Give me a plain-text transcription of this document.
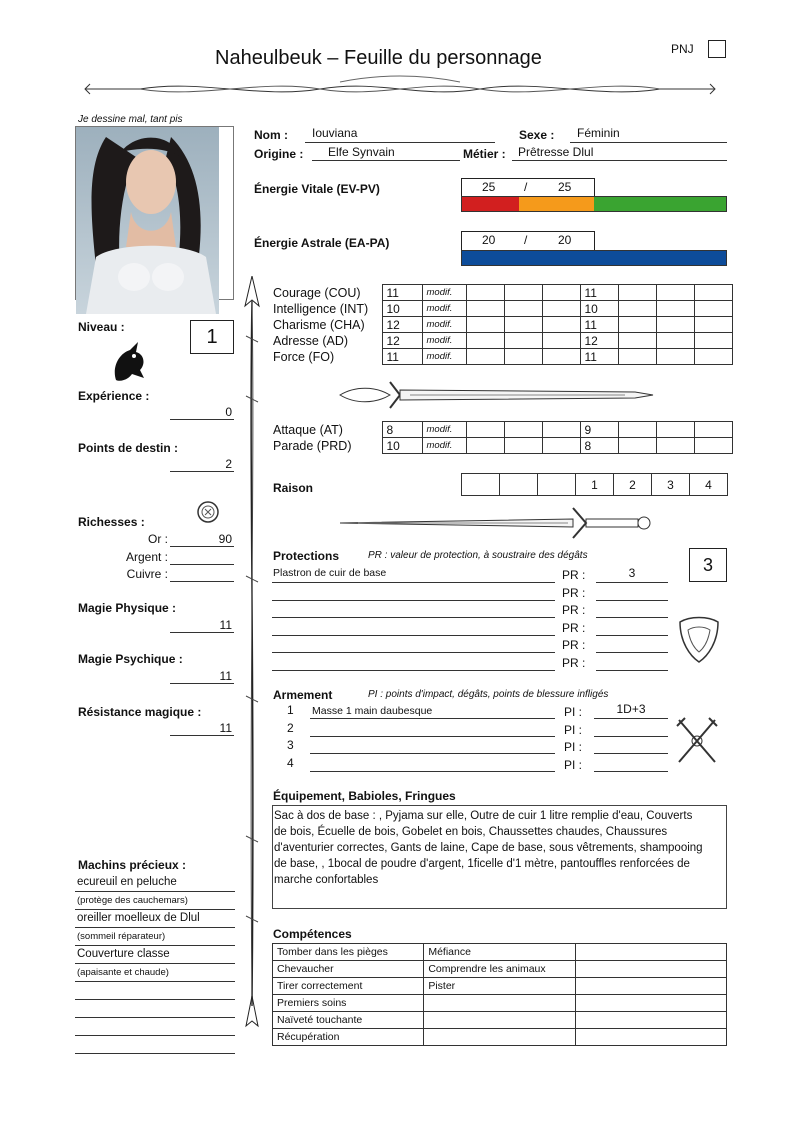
Naheulbeuk – Feuille du personnage	PNJ
Je dessine mal, tant pis
Niveau :	1
Expérience :
0
Points de destin :
2
Richesses :
Or :	90
Argent :
Cuivre :
Magie Physique :
11
Magie Psychique :
11
Résistance magique :
11
Machins précieux :
ecureuil en peluche
(protège des cauchemars)
oreiller moelleux de Dlul
(sommeil réparateur)
Couverture classe
(apaisante et chaude)
Nom : Iouviana	Sexe : Féminin
Origine : Elfe Synvain	Métier : Prêtresse Dlul
Énergie Vitale (EV-PV)	25 /	25
Énergie Astrale (EA-PA)	20 /	20
Courage (COU)	11	modif.				11			
Intelligence (INT)	10	modif.				10			
Charisme (CHA)	12	modif.				11			
Adresse (AD)	12	modif.				12			
Force (FO)	11	modif.				11			
Attaque (AT)	8	modif.				9			
Parade (PRD)	10	modif.				8			
Raison
				1	2	3	4
Protections	PR : valeur de protection, à soustraire des dégâts	3
Plastron de cuir de base	PR :	3
PR :
PR :
PR :
PR :
PR :
Armement	PI : points d'impact, dégâts, points de blessure infligés
1 Masse 1 main daubesque	PI :	1D+3
2	PI :
3	PI :
4	PI :
Équipement, Babioles, Fringues
Sac à dos de base : , Pyjama sur elle, Outre de cuir 1 litre remplie d'eau, Couverts
de bois, Écuelle de bois, Gobelet en bois, Chaussettes chaudes, Chaussures
d'aventurier correctes, Gants de laine, Cape de base, sous vêtrements, shampooing
de base, , 1bocal de poudre d'argent, 1ficelle d'1 mètre, pantouffles renforcées de
marche confortables
Compétences
Tomber dans les pièges	Méfiance	
Chevaucher	Comprendre les animaux	
Tirer correctement	Pister	
Premiers soins		
Naïveté touchante		
Récupération		
